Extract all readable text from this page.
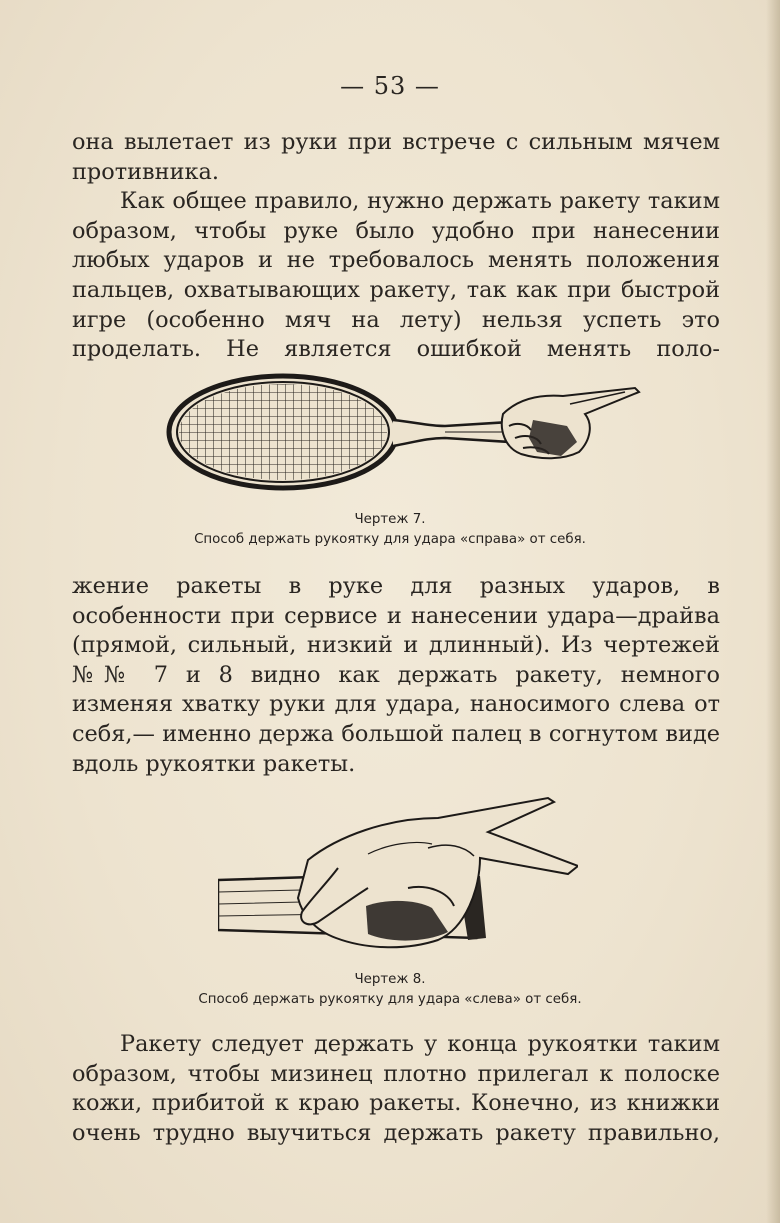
— 53 —

она вылетает из руки при встрече с сильным мячем противника.

Как общее правило, нужно держать ракету таким образом, чтобы руке было удобно при нанесении любых ударов и не требовалось менять положения пальцев, охватывающих ракету, так как при быстрой игре (особенно мяч на лету) нельзя успеть это проделать. Не является ошибкой менять поло-

Чертеж 7.
Способ держать рукоятку для удара «справа» от себя.

жение ракеты в руке для разных ударов, в особенности при сервисе и нанесении удара—драйва (прямой, сильный, низкий и длинный). Из чертежей №№ 7 и 8 видно как держать ракету, немного изменяя хватку руки для удара, наносимого слева от себя,— именно держа большой палец в согнутом виде вдоль рукоятки ракеты.

Чертеж 8.
Способ держать рукоятку для удара «слева» от себя.

Ракету следует держать у конца рукоятки таким образом, чтобы мизинец плотно прилегал к полоске кожи, прибитой к краю ракеты. Конечно, из книжки очень трудно выучиться держать ракету правильно,
